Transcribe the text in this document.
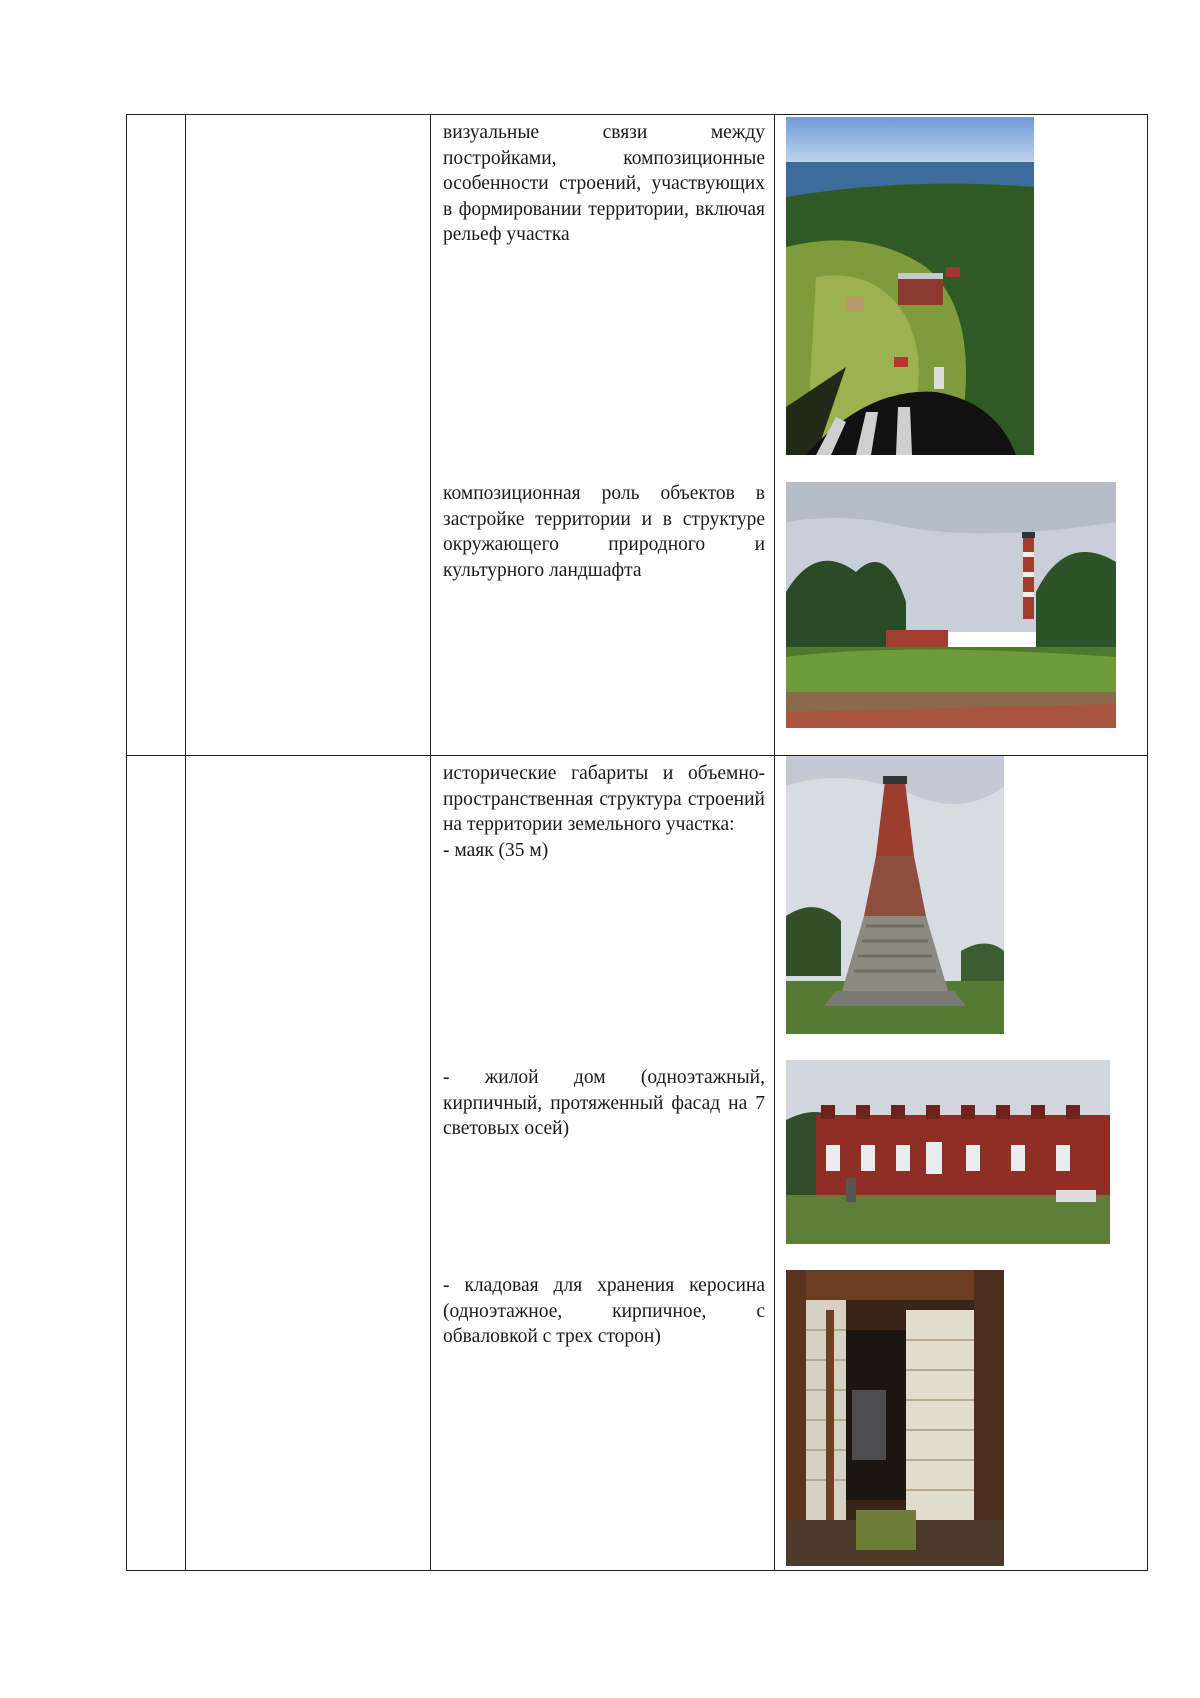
визуальные связи между постройками, композиционные особенности строений, участвующих в формировании территории, включая рельеф участка

композиционная роль объектов в застройке территории и в структуре окружающего природного и культурного ландшафта

исторические габариты и объемно-пространственная структура строений на территории земельного участка:

- маяк (35 м)

- жилой дом (одноэтажный, кирпичный, протяженный фасад на 7 световых осей)

- кладовая для хранения керосина (одноэтажное, кирпичное, с обваловкой с трех сторон)
